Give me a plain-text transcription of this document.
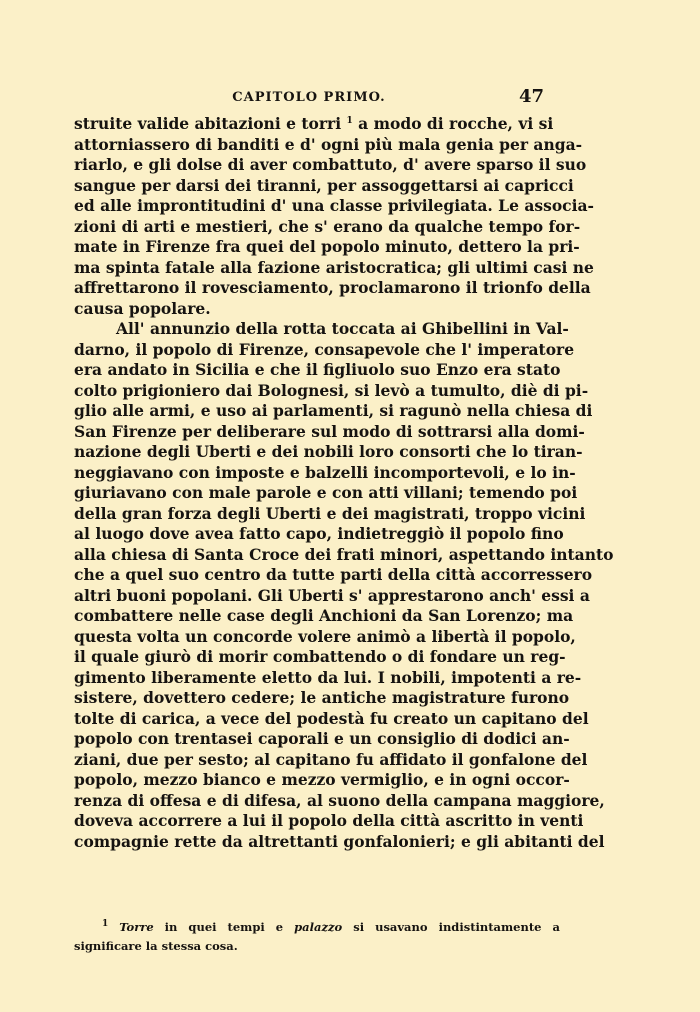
CAPITOLO PRIMO.	47
struite valide abitazioni e torri $^1$ a modo di rocche, vi si
attorniassero di banditi e d' ogni più mala genia per anga-
riarlo, e gli dolse di aver combattuto, d' avere sparso il suo
sangue per darsi dei tiranni, per assoggettarsi ai capricci
ed alle improntitudini d' una classe privilegiata. Le associa-
zioni di arti e mestieri, che s' erano da qualche tempo for-
mate in Firenze fra quei del popolo minuto, dettero la pri-
ma spinta fatale alla fazione aristocratica; gli ultimi casi ne
affrettarono il rovesciamento, proclamarono il trionfo della
causa popolare.
All' annunzio della rotta toccata ai Ghibellini in Val-
darno, il popolo di Firenze, consapevole che l' imperatore
era andato in Sicilia e che il figliuolo suo Enzo era stato
colto prigioniero dai Bolognesi, si levò a tumulto, diè di pi-
glio alle armi, e uso ai parlamenti, si ragunò nella chiesa di
San Firenze per deliberare sul modo di sottrarsi alla domi-
nazione degli Uberti e dei nobili loro consorti che lo tiran-
neggiavano con imposte e balzelli incomportevoli, e lo in-
giuriavano con male parole e con atti villani; temendo poi
della gran forza degli Uberti e dei magistrati, troppo vicini
al luogo dove avea fatto capo, indietreggiò il popolo fino
alla chiesa di Santa Croce dei frati minori, aspettando intanto
che a quel suo centro da tutte parti della città accorressero
altri buoni popolani. Gli Uberti s' apprestarono anch' essi a
combattere nelle case degli Anchioni da San Lorenzo; ma
questa volta un concorde volere animò a libertà il popolo,
il quale giurò di morir combattendo o di fondare un reg-
gimento liberamente eletto da lui. I nobili, impotenti a re-
sistere, dovettero cedere; le antiche magistrature furono
tolte di carica, a vece del podestà fu creato un capitano del
popolo con trentasei caporali e un consiglio di dodici an-
ziani, due per sesto; al capitano fu affidato il gonfalone del
popolo, mezzo bianco e mezzo vermiglio, e in ogni occor-
renza di offesa e di difesa, al suono della campana maggiore,
doveva accorrere a lui il popolo della città ascritto in venti
compagnie rette da altrettanti gonfalonieri; e gli abitanti del
$^1$ Torre in quei tempi e palazzo si usavano indistintamente a
significare la stessa cosa.
